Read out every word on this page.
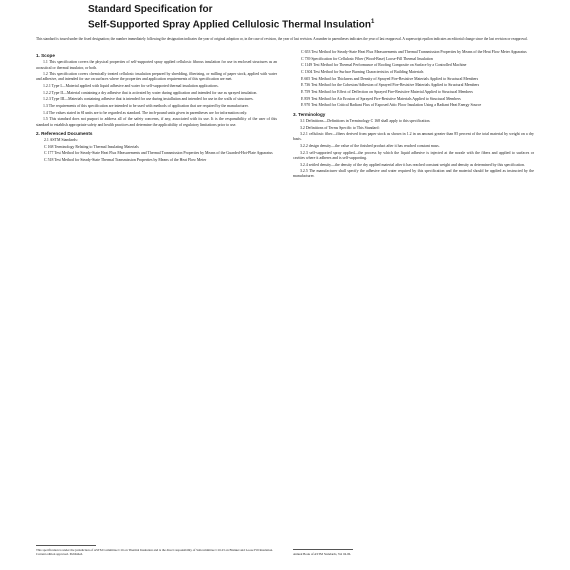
Standard Specification for
Self-Supported Spray Applied Cellulosic Thermal Insulation$^1$
This standard is issued under the fixed designation; the number immediately following the designation indicates the year of original adoption or, in the case of revision, the year of last revision. A number in parentheses indicates the year of last reapproval. A superscript epsilon indicates an editorial change since the last revision or reapproval.
1. Scope

1.1 This specification covers the physical properties of self-supported spray applied cellulosic fibrous insulation for use in enclosed structures as an acoustical or thermal insulator, or both.

1.2 This specification covers chemically treated cellulosic insulation prepared by shredding, fiberizing, or milling of paper stock, applied with water and adhesive, and intended for use on surfaces where the properties and application requirements of this specification are met.

1.2.1 Type I—Material applied with liquid adhesive and water for self-supported thermal insulation applications.

1.2.2 Type II—Material containing a dry adhesive that is activated by water during application and intended for use as sprayed insulation.

1.2.3 Type III—Materials containing adhesive that is intended for use during installation and intended for use in the walls of structures.

1.3 The requirements of this specification are intended to be used with methods of application that are required by the manufacturer.

1.4 The values stated in SI units are to be regarded as standard. The inch-pound units given in parentheses are for information only.

1.5 This standard does not purport to address all of the safety concerns, if any, associated with its use. It is the responsibility of the user of this standard to establish appropriate safety and health practices and determine the applicability of regulatory limitations prior to use.

2. Referenced Documents

2.1 ASTM Standards:

C 168 Terminology Relating to Thermal Insulating Materials

C 177 Test Method for Steady-State Heat Flux Measurements and Thermal Transmission Properties by Means of the Guarded-Hot-Plate Apparatus

C 518 Test Method for Steady-State Thermal Transmission Properties by Means of the Heat Flow Meter

C 653 Test Method for Steady-State Heat Flux Measurements and Thermal Transmission Properties by Means of the Heat Flow Meter Apparatus

C 739 Specification for Cellulosic Fiber (Wood-Base) Loose-Fill Thermal Insulation

C 1149 Test Method for Thermal Performance of Roofing Composite on Surface by a Controlled Machine

C 1304 Test Method for Surface Burning Characteristics of Building Materials

E 605 Test Method for Thickness and Density of Sprayed Fire-Resistive Materials Applied to Structural Members

E 736 Test Method for the Cohesion/Adhesion of Sprayed Fire-Resistive Materials Applied to Structural Members

E 759 Test Method for Effect of Deflection on Sprayed Fire-Resistive Material Applied to Structural Members

E 859 Test Method for Air Erosion of Sprayed Fire-Resistive Materials Applied to Structural Members

E 970 Test Method for Critical Radiant Flux of Exposed Attic Floor Insulation Using a Radiant Heat Energy Source

3. Terminology

3.1 Definitions—Definitions in Terminology C 168 shall apply to this specification.

3.2 Definitions of Terms Specific to This Standard:

3.2.1 cellulosic fiber—fibers derived from paper stock as shown in 1.2 in an amount greater than 85 percent of the total material by weight on a dry basis.

3.2.2 design density—the value of the finished product after it has reached constant mass.

3.2.3 self-supported spray applied—the process by which the liquid adhesive is injected at the nozzle with the fibers and applied to surfaces or cavities where it adheres and is self-supporting.

3.2.4 settled density—the density of the dry applied material after it has reached constant weight and density as determined by this specification.

3.2.5 The manufacturer shall specify the adhesive and water required by this specification and the material should be applied as instructed by the manufacturer.

This specification is under the jurisdiction of ASTM Committee C16 on Thermal Insulation and is the direct responsibility of Subcommittee C16.23 on Blanket and Loose Fill Insulation. Current edition approved. Published.	Annual Book of ASTM Standards, Vol 04.06.
